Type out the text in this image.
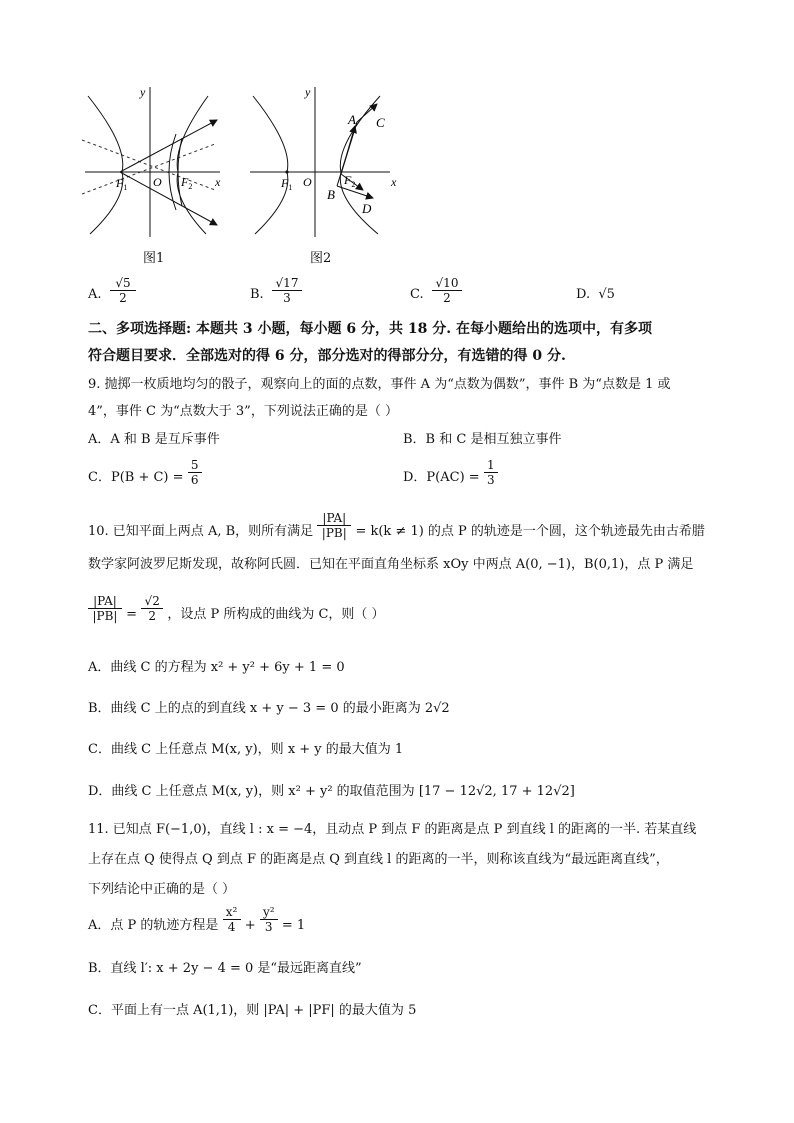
y
x
O
$F_1$	$F_2$
图1
y
x
O
$F_1$
$F_2$
A
B
C
D
图2
A.
√5
2	B.
√17
3	C.
√10
2	D. √5
二、多项选择题: 本题共 3 小题，每小题 6 分，共 18 分. 在每小题给出的选项中，有多项
符合题目要求．全部选对的得 6 分，部分选对的得部分分，有选错的得 0 分.
9. 抛掷一枚质地均匀的骰子，观察向上的面的点数，事件 A 为“点数为偶数”，事件 B 为“点数是 1 或
4”，事件 C 为“点数大于 3”，下列说法正确的是（ ）
A．A 和 B 是互斥事件	B．B 和 C 是相互独立事件
C．$P(B + C) = \frac{5}{6}$	D．$P(AC) = \frac{1}{3}$
10. 已知平面上两点 A, B，则所有满足 $\frac{|PA|}{|PB|} = k(k \ne 1)$ 的点 P 的轨迹是一个圆，这个轨迹最先由古希腊
数学家阿波罗尼斯发现，故称阿氏圆．已知在平面直角坐标系 xOy 中两点 A(0, −1)，B(0,1)，点 P 满足
$\frac{|PA|}{|PB|} = \frac{√2}{2}$ ，设点 P 所构成的曲线为 C，则（ ）
A．曲线 C 的方程为 x² + y² + 6y + 1 = 0
B．曲线 C 上的点的到直线 x + y − 3 = 0 的最小距离为 2√2
C．曲线 C 上任意点 M(x, y)，则 x + y 的最大值为 1
D．曲线 C 上任意点 M(x, y)，则 x² + y² 的取值范围为 [17 − 12√2, 17 + 12√2]
11. 已知点 F(−1,0)，直线 l : x = −4，且动点 P 到点 F 的距离是点 P 到直线 l 的距离的一半. 若某直线
上存在点 Q 使得点 Q 到点 F 的距离是点 Q 到直线 l 的距离的一半，则称该直线为“最远距离直线”，
下列结论中正确的是（ ）
A．点 P 的轨迹方程是 $\frac{\text{x²}}{4} + \frac{\text{y²}}{3} = 1$
B．直线 l′: x + 2y − 4 = 0 是“最远距离直线”
C．平面上有一点 A(1,1)，则 |PA| + |PF| 的最大值为 5
